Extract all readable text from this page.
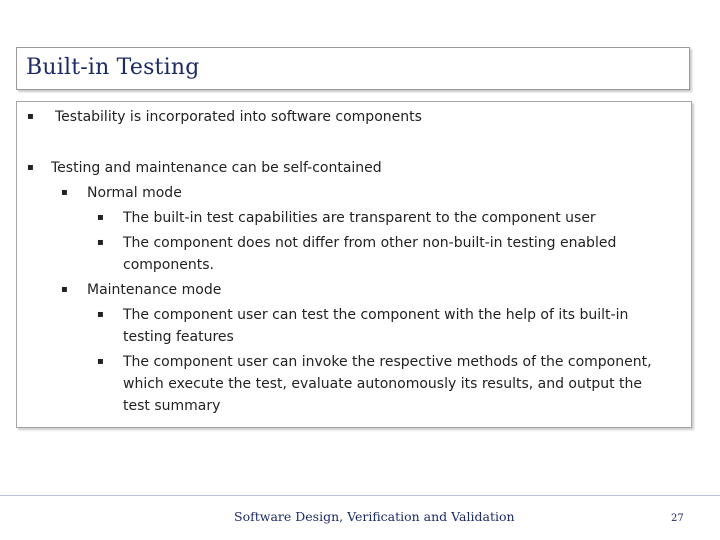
Built-in Testing
▪ Testability is incorporated into software components
▪ Testing and maintenance can be self-contained
▪ Normal mode
▪ The built-in test capabilities are transparent to the component user
▪ The component does not differ from other non-built-in testing enabled
components.
▪ Maintenance mode
▪ The component user can test the component with the help of its built-in
testing features
▪ The component user can invoke the respective methods of the component,
which execute the test, evaluate autonomously its results, and output the
test summary
Software Design, Verification and Validation	27
